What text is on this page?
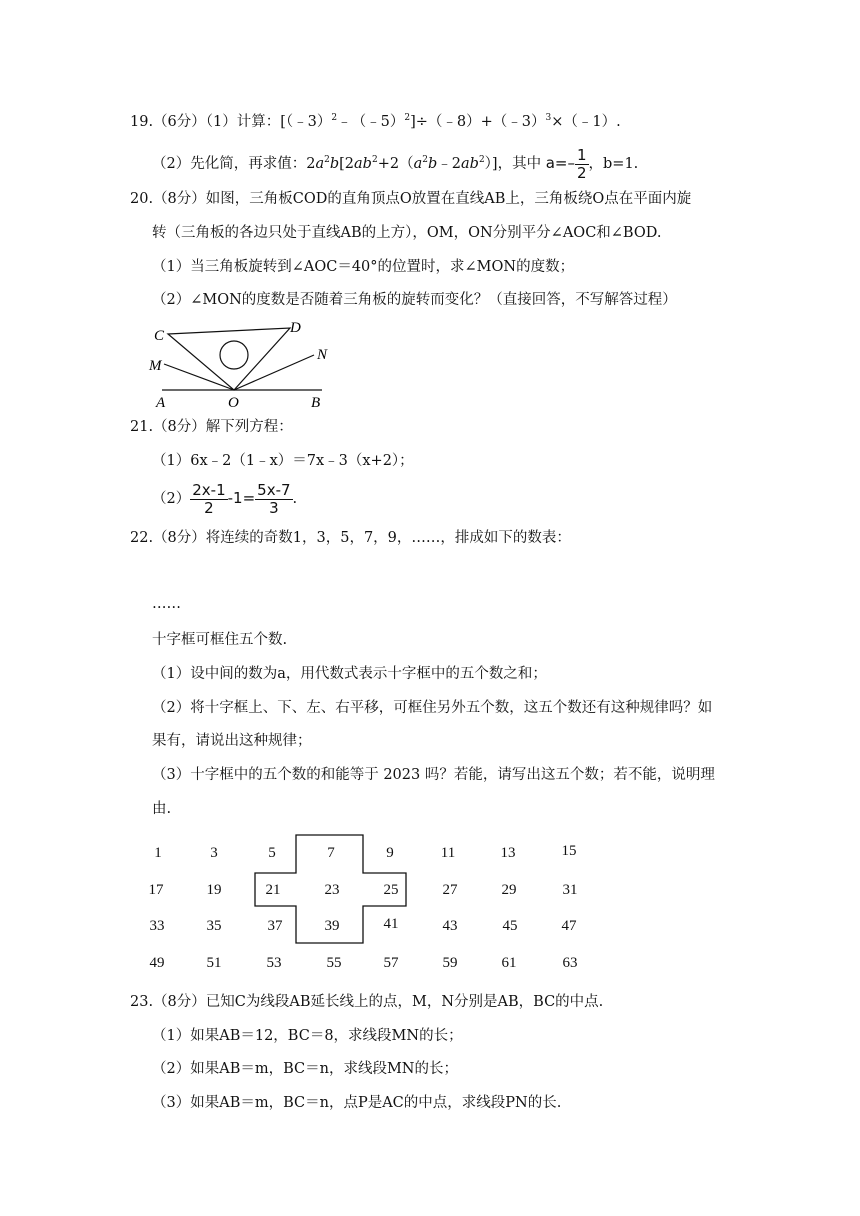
19.（6分）（1）计算：[（﹣3）$^2$﹣（﹣5）$^2$]÷（﹣8）+（﹣3）$^3$×（﹣1）.
（2）先化简，再求值：$2a^2b[2ab^2+2(a^2b﹣2ab^2)]$，其中 $a=- \frac{1}{2}$ ，b=1.
20.（8分）如图，三角板COD的直角顶点O放置在直线AB上，三角板绕O点在平面内旋
转（三角板的各边只处于直线AB的上方），OM，ON分别平分∠AOC和∠BOD.
（1）当三角板旋转到∠AOC＝40°的位置时，求∠MON的度数；
（2）∠MON的度数是否随着三角板的旋转而变化？（直接回答，不写解答过程）
C	D
M
N
A	O	B
21.（8分）解下列方程：
（1）6x﹣2（1﹣x）＝7x﹣3（x+2）；
$(2) \frac{2x-1}{2} -1= \frac{5x-7}{3}$ .
22.（8分）将连续的奇数1，3，5，7，9，……，排成如下的数表：
……
十字框可框住五个数.
（1）设中间的数为a，用代数式表示十字框中的五个数之和；
（2）将十字框上、下、左、右平移，可框住另外五个数，这五个数还有这种规律吗？如
果有，请说出这种规律；
（3）十字框中的五个数的和能等于 2023 吗？若能，请写出这五个数；若不能，说明理
由.
1	3	5	7	9	11	13	15
17	19	21	23	25	27	29	31
33	35	37	39	41	43	45	47
49	51	53	55	57	59	61	63
23.（8分）已知C为线段AB延长线上的点，M，N分别是AB，BC的中点.
（1）如果AB＝12，BC＝8，求线段MN的长；
（2）如果AB＝m，BC＝n，求线段MN的长；
（3）如果AB＝m，BC＝n，点P是AC的中点，求线段PN的长.
